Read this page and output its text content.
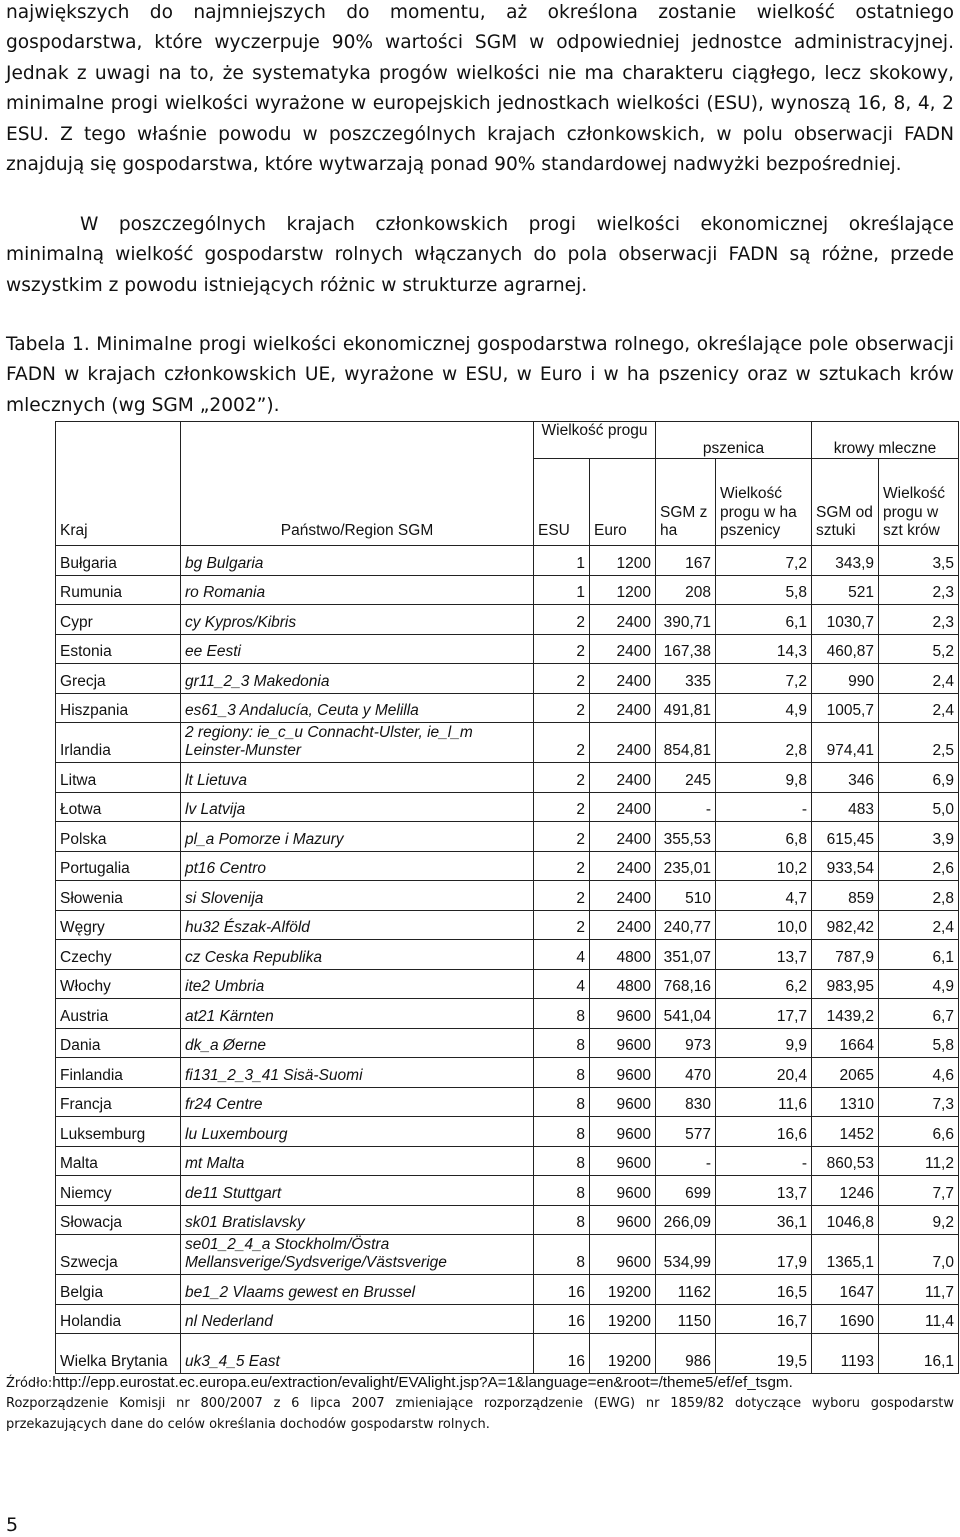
największych do najmniejszych do momentu, aż określona zostanie wielkość ostatniego gospodarstwa, które wyczerpuje 90% wartości SGM w odpowiedniej jednostce administracyjnej. Jednak z uwagi na to, że systematyka progów wielkości nie ma charakteru ciągłego, lecz skokowy, minimalne progi wielkości wyrażone w europejskich jednostkach wielkości (ESU), wynoszą 16, 8, 4, 2 ESU. Z tego właśnie powodu w poszczególnych krajach członkowskich, w polu obserwacji FADN znajdują się gospodarstwa, które wytwarzają ponad 90% standardowej nadwyżki bezpośredniej.

W poszczególnych krajach członkowskich progi wielkości ekonomicznej określające minimalną wielkość gospodarstw rolnych włączanych do pola obserwacji FADN są różne, przede wszystkim z powodu istniejących różnic w strukturze agrarnej.

Tabela 1. Minimalne progi wielkości ekonomicznej gospodarstwa rolnego, określające pole obserwacji FADN w krajach członkowskich UE, wyrażone w ESU, w Euro i w ha pszenicy oraz w sztukach krów mlecznych (wg SGM „2002”).

Kraj	Państwo/Region SGM	Wielkość progu		pszenica		krowy mleczne	
		ESU	Euro	SGM z ha	Wielkość progu w ha pszenicy	SGM od sztuki	Wielkość progu w szt krów
Bułgaria	bg Bulgaria	1	1200	167	7,2	343,9	3,5
Rumunia	ro Romania	1	1200	208	5,8	521	2,3
Cypr	cy Kypros/Kibris	2	2400	390,71	6,1	1030,7	2,3
Estonia	ee Eesti	2	2400	167,38	14,3	460,87	5,2
Grecja	gr11_2_3 Makedonia	2	2400	335	7,2	990	2,4
Hiszpania	es61_3 Andalucía, Ceuta y Melilla	2	2400	491,81	4,9	1005,7	2,4
Irlandia	2 regiony: ie_c_u Connacht-Ulster, ie_l_m Leinster-Munster	2	2400	854,81	2,8	974,41	2,5
Litwa	lt Lietuva	2	2400	245	9,8	346	6,9
Łotwa	lv Latvija	2	2400	-	-	483	5,0
Polska	pl_a Pomorze i Mazury	2	2400	355,53	6,8	615,45	3,9
Portugalia	pt16 Centro	2	2400	235,01	10,2	933,54	2,6
Słowenia	si Slovenija	2	2400	510	4,7	859	2,8
Węgry	hu32 Észak-Alföld	2	2400	240,77	10,0	982,42	2,4
Czechy	cz Ceska Republika	4	4800	351,07	13,7	787,9	6,1
Włochy	ite2 Umbria	4	4800	768,16	6,2	983,95	4,9
Austria	at21 Kärnten	8	9600	541,04	17,7	1439,2	6,7
Dania	dk_a Øerne	8	9600	973	9,9	1664	5,8
Finlandia	fi131_2_3_41 Sisä-Suomi	8	9600	470	20,4	2065	4,6
Francja	fr24 Centre	8	9600	830	11,6	1310	7,3
Luksemburg	lu Luxembourg	8	9600	577	16,6	1452	6,6
Malta	mt Malta	8	9600	-	-	860,53	11,2
Niemcy	de11 Stuttgart	8	9600	699	13,7	1246	7,7
Słowacja	sk01 Bratislavsky	8	9600	266,09	36,1	1046,8	9,2
Szwecja	se01_2_4_a Stockholm/Östra Mellansverige/Sydsverige/Västsverige	8	9600	534,99	17,9	1365,1	7,0
Belgia	be1_2 Vlaams gewest en Brussel	16	19200	1162	16,5	1647	11,7
Holandia	nl Nederland	16	19200	1150	16,7	1690	11,4
Wielka Brytania	uk3_4_5 East	16	19200	986	19,5	1193	16,1
Źródło:http://epp.eurostat.ec.europa.eu/extraction/evalight/EVAlight.jsp?A=1&language=en&root=/theme5/ef/ef_tsgm.
Rozporządzenie Komisji nr 800/2007 z 6 lipca 2007 zmieniające rozporządzenie (EWG) nr 1859/82 dotyczące wyboru gospodarstw przekazujących dane do celów określania dochodów gospodarstw rolnych.
5
